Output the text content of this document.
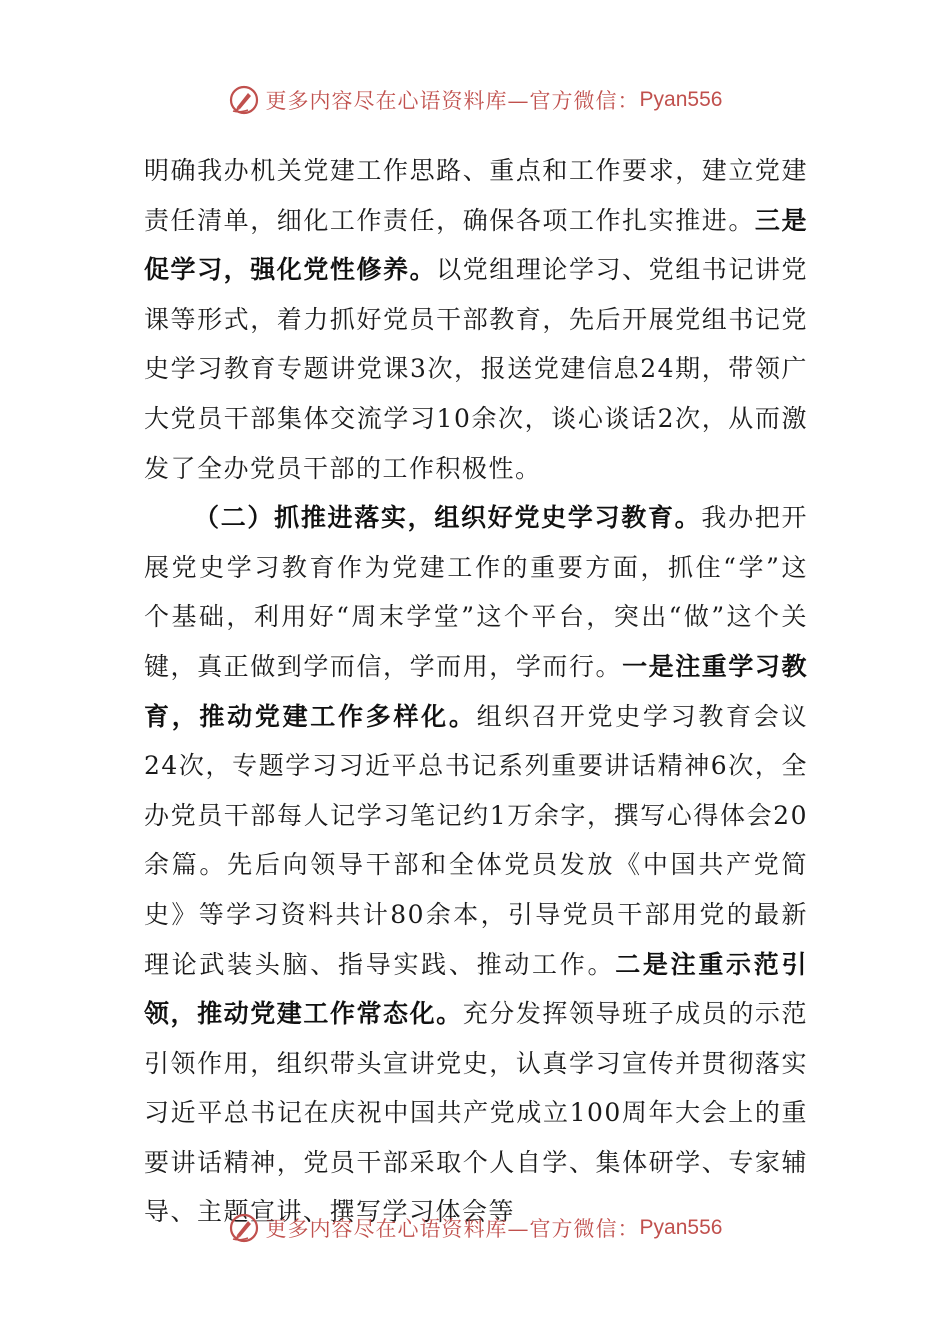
更多内容尽在心语资料库—官方微信： Pyan556

明确我办机关党建工作思路、重点和工作要求，建立党建责任清单，细化工作责任，确保各项工作扎实推进。三是促学习，强化党性修养。以党组理论学习、党组书记讲党课等形式，着力抓好党员干部教育，先后开展党组书记党史学习教育专题讲党课3次，报送党建信息24期，带领广大党员干部集体交流学习10余次，谈心谈话2次，从而激发了全办党员干部的工作积极性。

（二）抓推进落实，组织好党史学习教育。我办把开展党史学习教育作为党建工作的重要方面，抓住“学”这个基础，利用好“周末学堂”这个平台，突出“做”这个关键，真正做到学而信，学而用，学而行。一是注重学习教育，推动党建工作多样化。组织召开党史学习教育会议24次，专题学习习近平总书记系列重要讲话精神6次，全办党员干部每人记学习笔记约1万余字，撰写心得体会20余篇。先后向领导干部和全体党员发放《中国共产党简史》等学习资料共计80余本，引导党员干部用党的最新理论武装头脑、指导实践、推动工作。二是注重示范引领，推动党建工作常态化。充分发挥领导班子成员的示范引领作用，组织带头宣讲党史，认真学习宣传并贯彻落实习近平总书记在庆祝中国共产党成立100周年大会上的重要讲话精神，党员干部采取个人自学、集体研学、专家辅导、主题宣讲、撰写学习体会等

更多内容尽在心语资料库—官方微信： Pyan556
